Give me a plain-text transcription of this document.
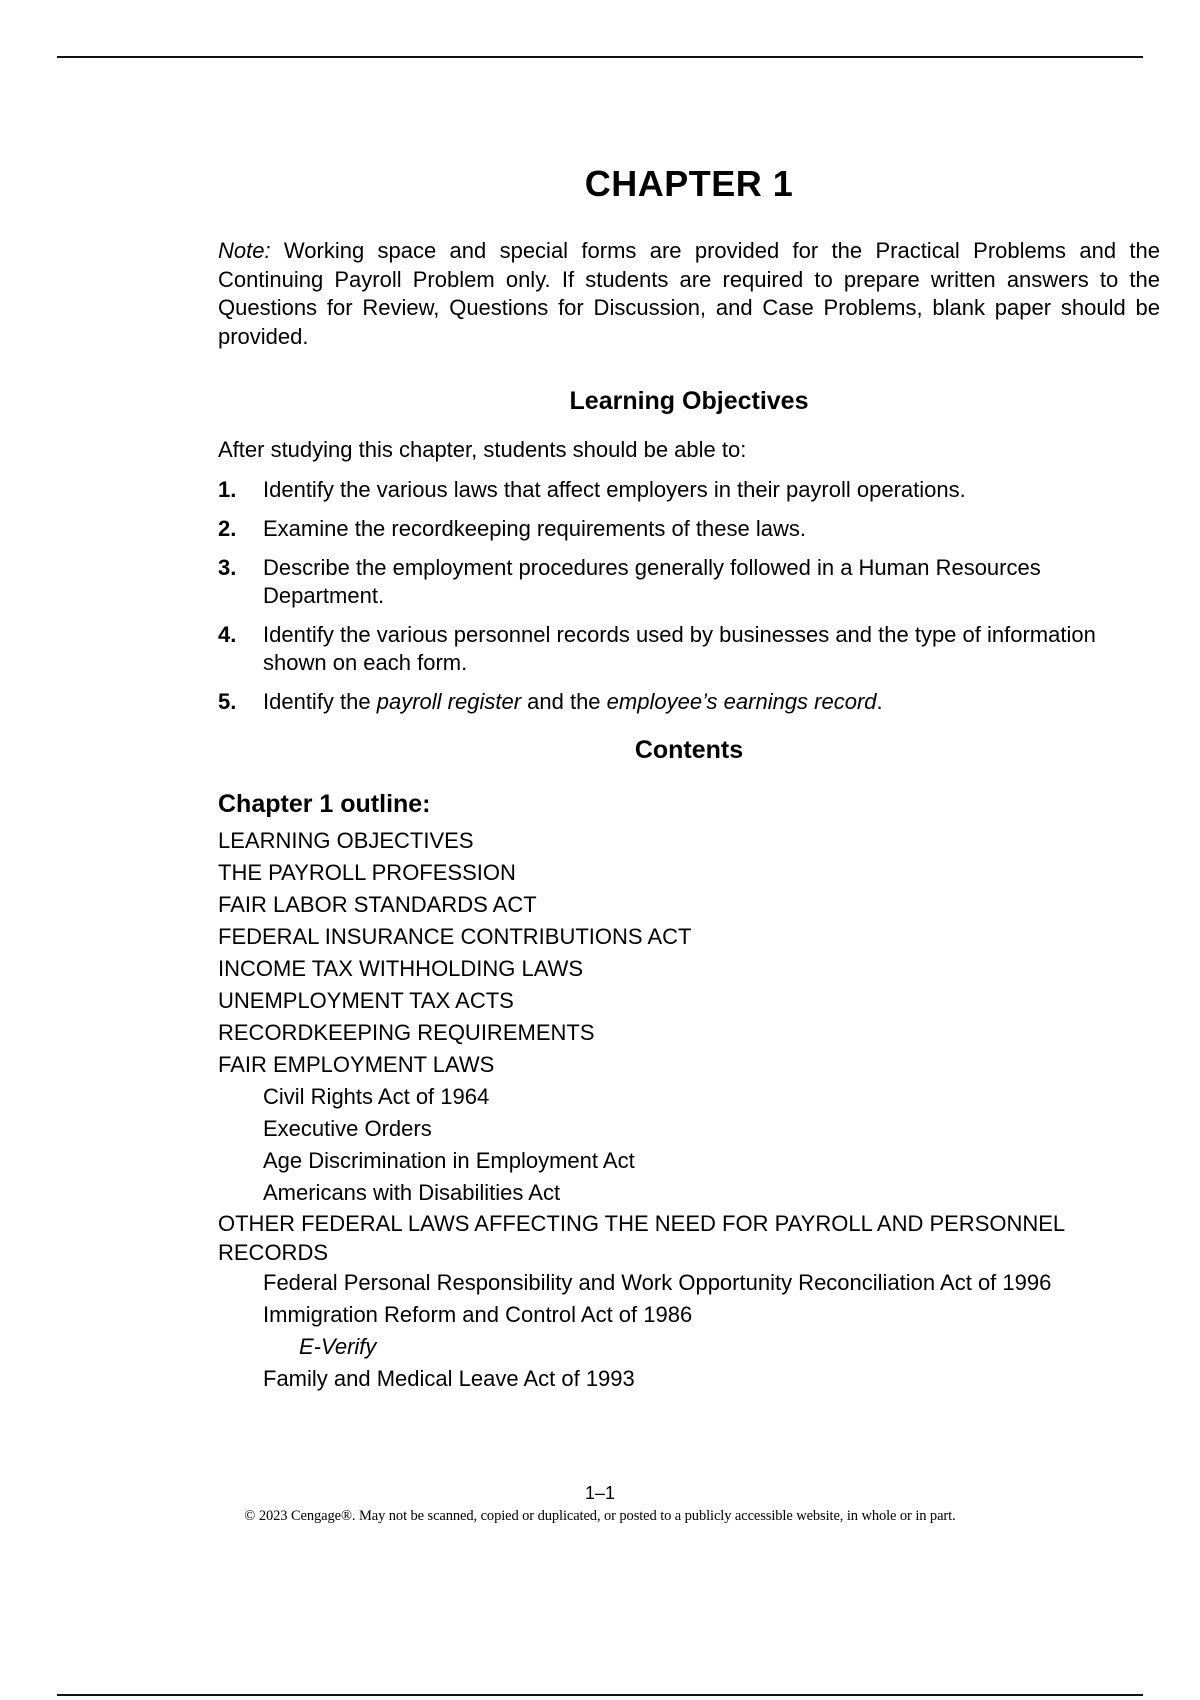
CHAPTER 1

Note: Working space and special forms are provided for the Practical Problems and the Continuing Payroll Problem only. If students are required to prepare written answers to the Questions for Review, Questions for Discussion, and Case Problems, blank paper should be provided.

Learning Objectives

After studying this chapter, students should be able to:

1. Identify the various laws that affect employers in their payroll operations.
2. Examine the recordkeeping requirements of these laws.
3. Describe the employment procedures generally followed in a Human Resources Department.
4. Identify the various personnel records used by businesses and the type of information shown on each form.
5. Identify the payroll register and the employee’s earnings record.
Contents
Chapter 1 outline:
LEARNING OBJECTIVES
THE PAYROLL PROFESSION
FAIR LABOR STANDARDS ACT
FEDERAL INSURANCE CONTRIBUTIONS ACT
INCOME TAX WITHHOLDING LAWS
UNEMPLOYMENT TAX ACTS
RECORDKEEPING REQUIREMENTS
FAIR EMPLOYMENT LAWS
Civil Rights Act of 1964
Executive Orders
Age Discrimination in Employment Act
Americans with Disabilities Act
OTHER FEDERAL LAWS AFFECTING THE NEED FOR PAYROLL AND PERSONNEL RECORDS
Federal Personal Responsibility and Work Opportunity Reconciliation Act of 1996
Immigration Reform and Control Act of 1986
E-Verify
Family and Medical Leave Act of 1993
1–1
© 2023 Cengage®. May not be scanned, copied or duplicated, or posted to a publicly accessible website, in whole or in part.
